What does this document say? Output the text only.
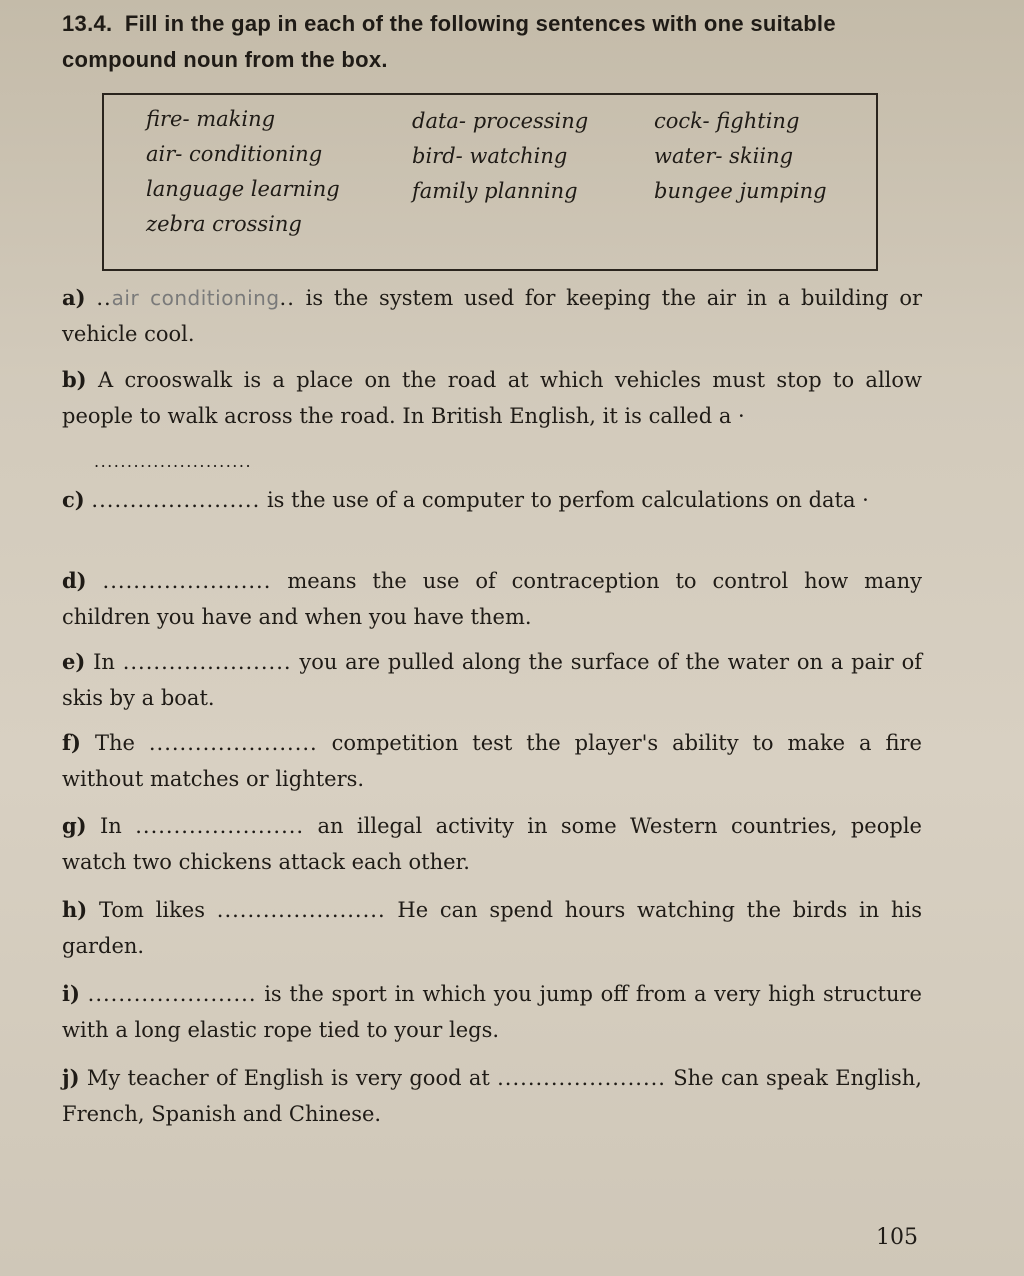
13.4. Fill in the gap in each of the following sentences with one suitable compound noun from the box.
fire- making	data- processing	cock- fighting
air- conditioning	bird- watching	water- skiing
language learning	family planning	bungee jumping
zebra crossing
a) ..air conditioning.. is the system used for keeping the air in a building or vehicle cool.
b) A crooswalk is a place on the road at which vehicles must stop to allow people to walk across the road. In British English, it is called a ·
........................
c) ...................... is the use of a computer to perfom calculations on data ·
d) ...................... means the use of contraception to control how many children you have and when you have them.
e) In ...................... you are pulled along the surface of the water on a pair of skis by a boat.
f) The ...................... competition test the player's ability to make a fire without matches or lighters.
g) In ...................... an illegal activity in some Western countries, people watch two chickens attack each other.
h) Tom likes ...................... He can spend hours watching the birds in his garden.
i) ...................... is the sport in which you jump off from a very high structure with a long elastic rope tied to your legs.
j) My teacher of English is very good at ...................... She can speak English, French, Spanish and Chinese.
105
